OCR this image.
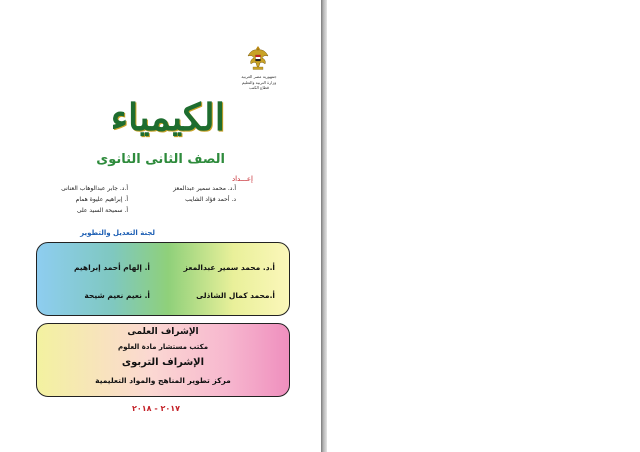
جمهورية مصر العربية
وزارة التربية والتعليم
قطاع الكتب
الكيمياء
الصف الثانى الثانوى
إعـــداد
أ.د. محمد سمير عبدالمعز
أ.د. جابر عبدالوهاب العنانى
د. أحمد فؤاد الشايب
أ. إبراهيم عليوة همام
أ. سميحة السيد على
لجنة التعديل والتطوير
أ.د. محمد سمير عبدالمعز
أ. إلهام أحمد إبراهيم
أ.محمد كمال الشاذلى
أ. نعيم نعيم شيحة
الإشراف العلمى
مكتب مستشار مادة العلوم
الإشراف التربوى
مركز تطوير المناهج والمواد التعليمية
٢٠١٧ - ٢٠١٨
